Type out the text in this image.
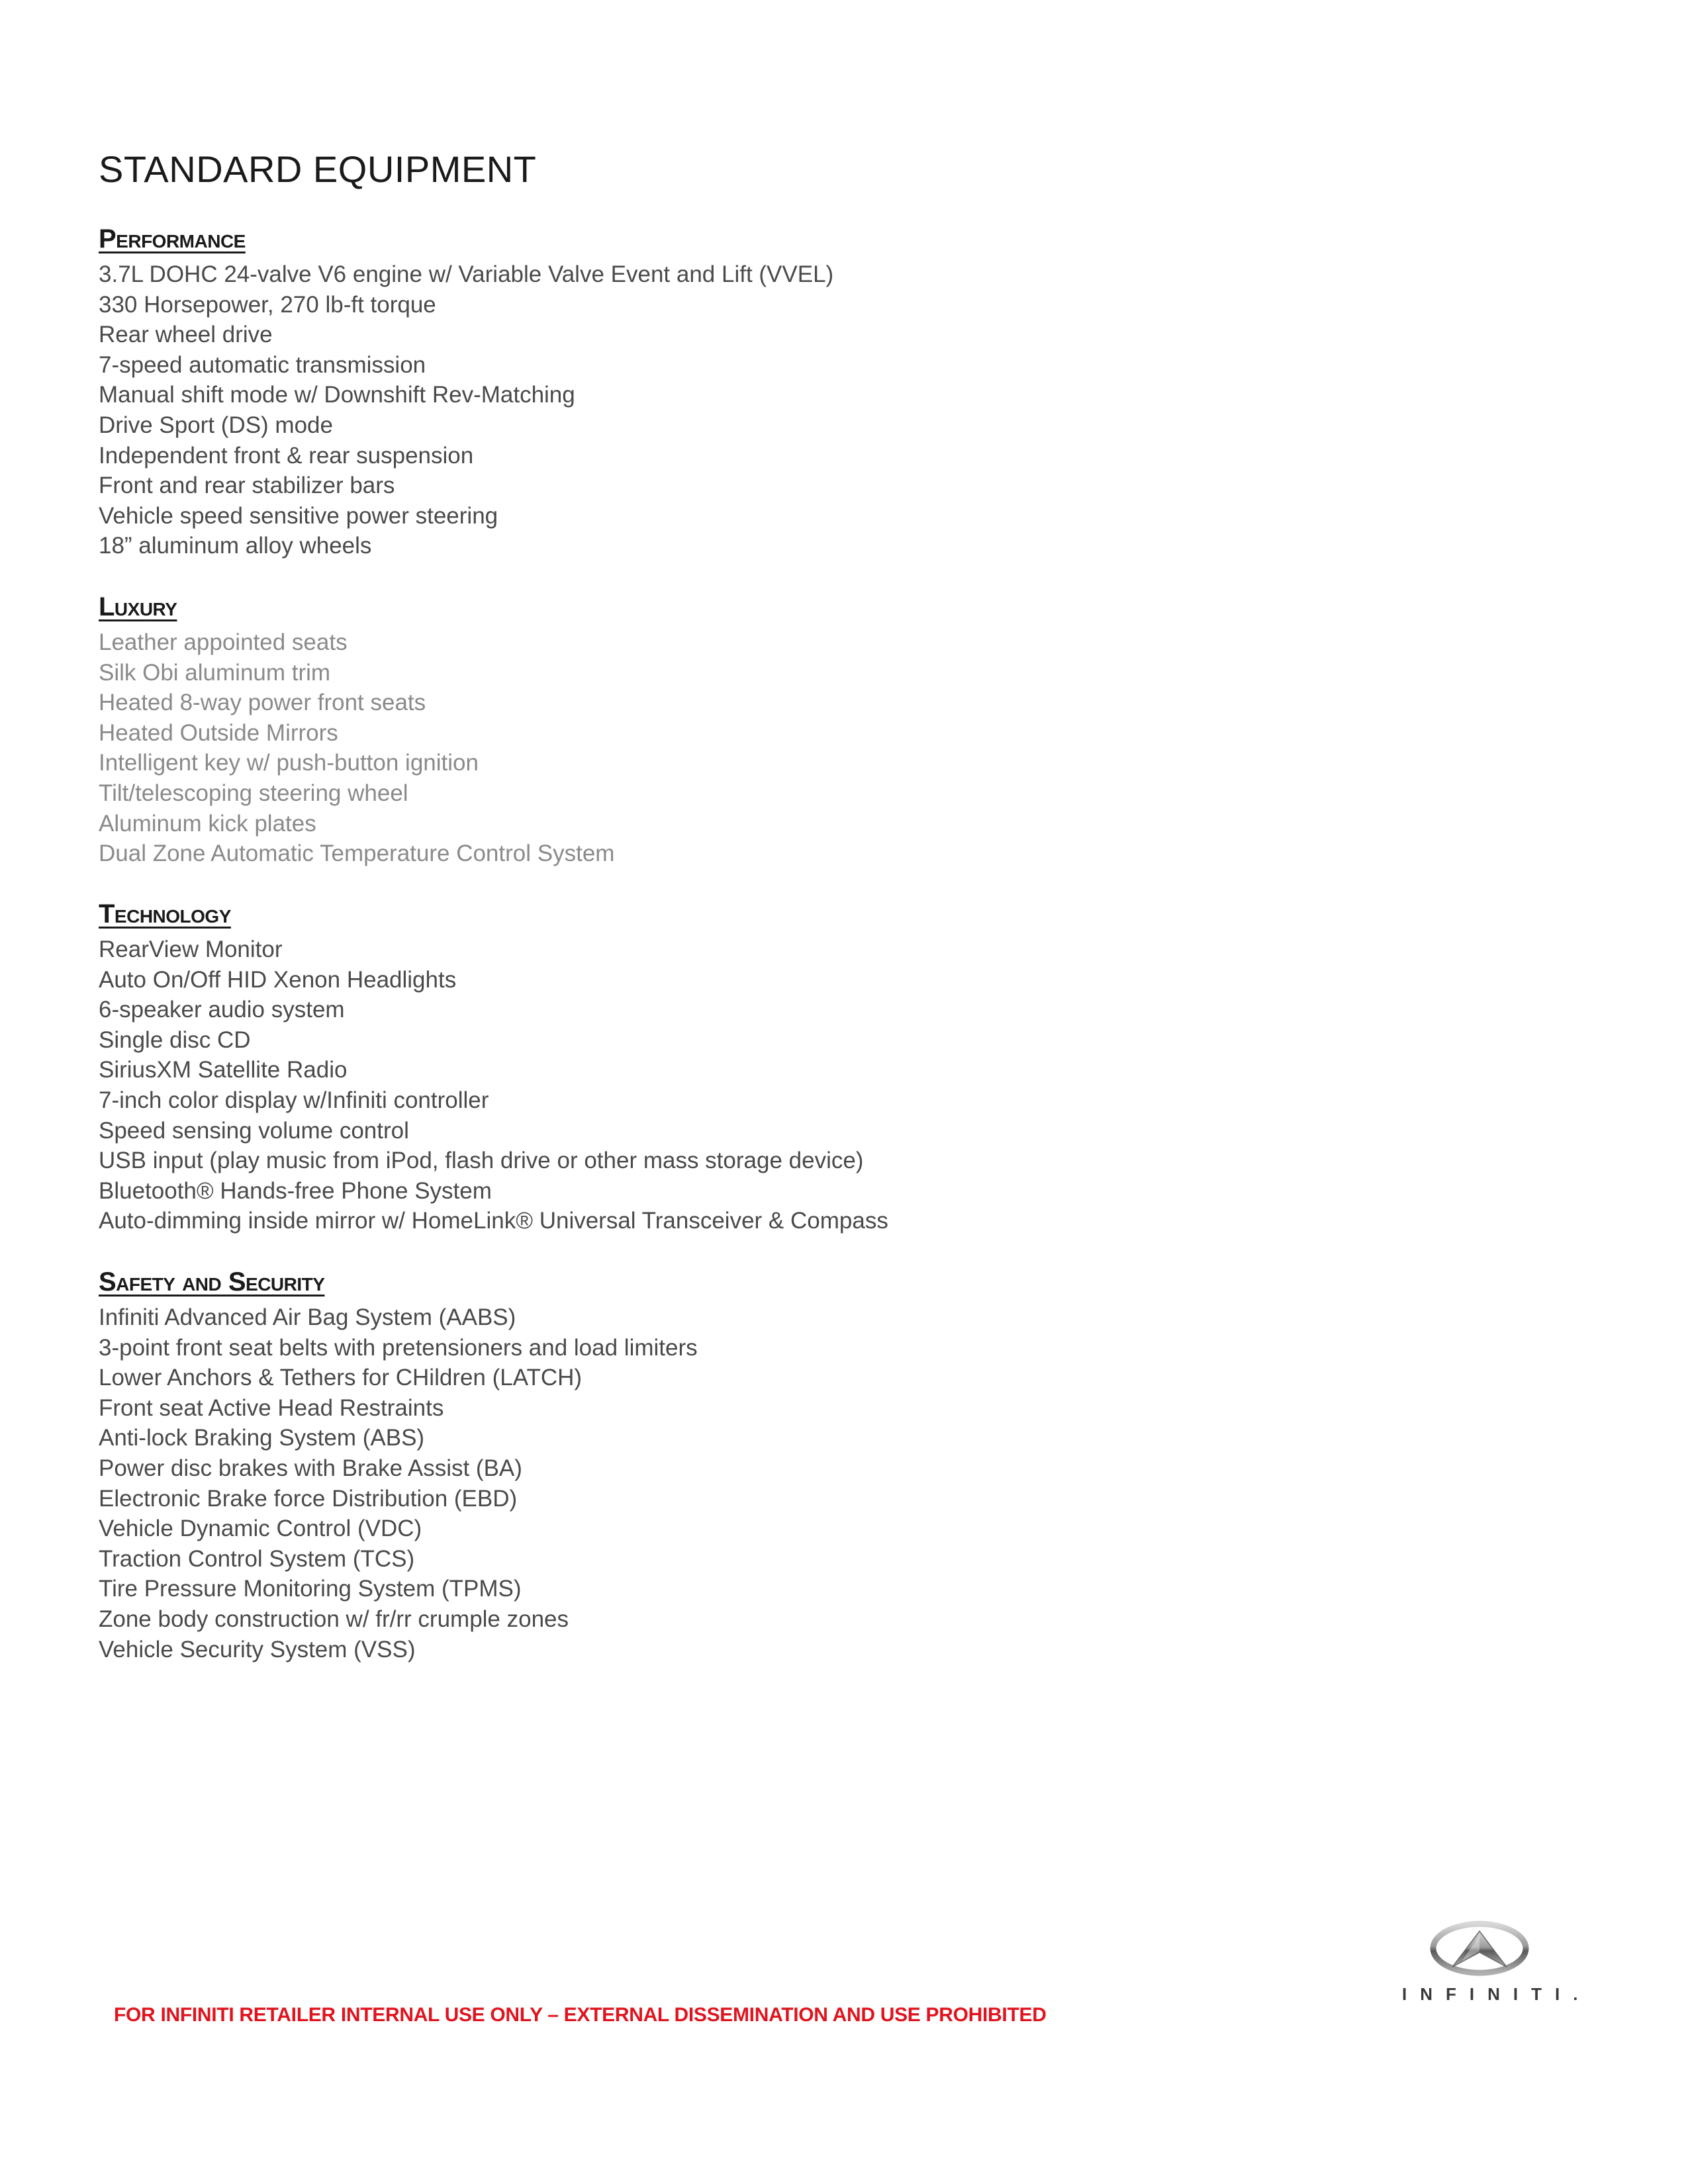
STANDARD EQUIPMENT
Performance
3.7L DOHC 24-valve V6 engine w/ Variable Valve Event and Lift (VVEL)
330 Horsepower, 270 lb-ft torque
Rear wheel drive
7-speed automatic transmission
Manual shift mode w/ Downshift Rev-Matching
Drive Sport (DS) mode
Independent front & rear suspension
Front and rear stabilizer bars
Vehicle speed sensitive power steering
18” aluminum alloy wheels
Luxury
Leather appointed seats
Silk Obi aluminum trim
Heated 8-way power front seats
Heated Outside Mirrors
Intelligent key w/ push-button ignition
Tilt/telescoping steering wheel
Aluminum kick plates
Dual Zone Automatic Temperature Control System
Technology
RearView Monitor
Auto On/Off HID Xenon Headlights
6-speaker audio system
Single disc CD
SiriusXM Satellite Radio
7-inch color display w/Infiniti controller
Speed sensing volume control
USB input (play music from iPod, flash drive or other mass storage device)
Bluetooth® Hands-free Phone System
Auto-dimming inside mirror w/ HomeLink® Universal Transceiver & Compass
Safety and Security
Infiniti Advanced Air Bag System (AABS)
3-point front seat belts with pretensioners and load limiters
Lower Anchors & Tethers for CHildren (LATCH)
Front seat Active Head Restraints
Anti-lock Braking System (ABS)
Power disc brakes with Brake Assist (BA)
Electronic Brake force Distribution (EBD)
Vehicle Dynamic Control (VDC)
Traction Control System (TCS)
Tire Pressure Monitoring System (TPMS)
Zone body construction w/ fr/rr crumple zones
Vehicle Security System (VSS)
FOR INFINITI RETAILER INTERNAL USE ONLY – EXTERNAL DISSEMINATION AND USE PROHIBITED
INFINITI.
